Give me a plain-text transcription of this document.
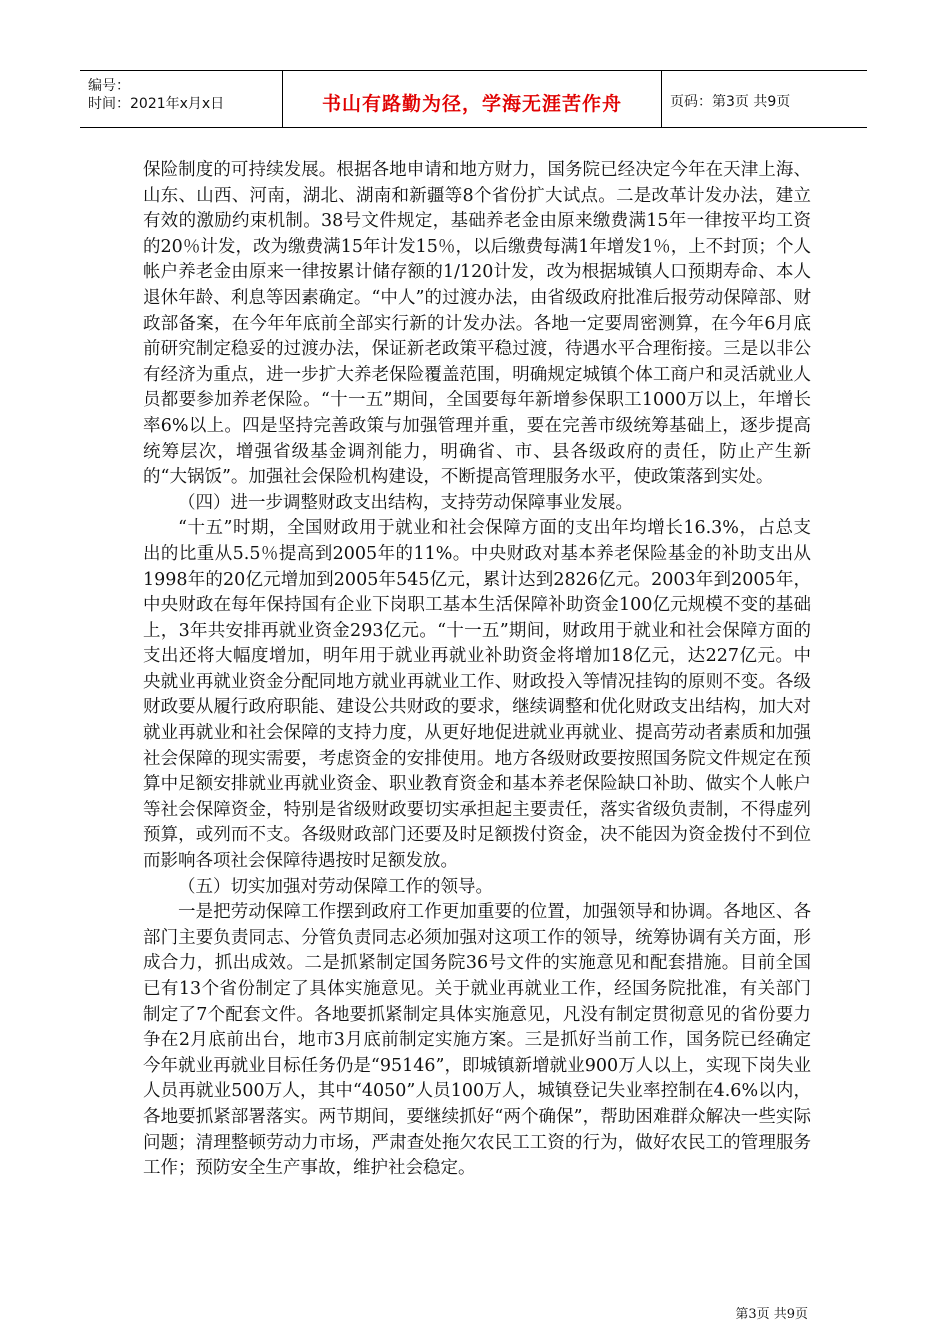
编号：
时间：2021年x月x日	书山有路勤为径，学海无涯苦作舟	页码：第3页 共9页

保险制度的可持续发展。根据各地申请和地方财力，国务院已经决定今年在天津上海、山东、山西、河南，湖北、湖南和新疆等8个省份扩大试点。二是改革计发办法，建立有效的激励约束机制。38号文件规定，基础养老金由原来缴费满15年一律按平均工资的20％计发，改为缴费满15年计发15％，以后缴费每满1年增发1％，上不封顶；个人帐户养老金由原来一律按累计储存额的1/120计发，改为根据城镇人口预期寿命、本人退休年龄、利息等因素确定。“中人”的过渡办法，由省级政府批准后报劳动保障部、财政部备案，在今年年底前全部实行新的计发办法。各地一定要周密测算，在今年6月底前研究制定稳妥的过渡办法，保证新老政策平稳过渡，待遇水平合理衔接。三是以非公有经济为重点，进一步扩大养老保险覆盖范围，明确规定城镇个体工商户和灵活就业人员都要参加养老保险。“十一五”期间，全国要每年新增参保职工1000万以上，年增长率6%以上。四是坚持完善政策与加强管理并重，要在完善市级统筹基础上，逐步提高统筹层次，增强省级基金调剂能力，明确省、市、县各级政府的责任，防止产生新的“大锅饭”。加强社会保险机构建设，不断提高管理服务水平，使政策落到实处。

（四）进一步调整财政支出结构，支持劳动保障事业发展。

“十五”时期，全国财政用于就业和社会保障方面的支出年均增长16.3%，占总支出的比重从5.5％提高到2005年的11%。中央财政对基本养老保险基金的补助支出从1998年的20亿元增加到2005年545亿元，累计达到2826亿元。2003年到2005年，中央财政在每年保持国有企业下岗职工基本生活保障补助资金100亿元规模不变的基础上，3年共安排再就业资金293亿元。“十一五”期间，财政用于就业和社会保障方面的支出还将大幅度增加，明年用于就业再就业补助资金将增加18亿元，达227亿元。中央就业再就业资金分配同地方就业再就业工作、财政投入等情况挂钩的原则不变。各级财政要从履行政府职能、建设公共财政的要求，继续调整和优化财政支出结构，加大对就业再就业和社会保障的支持力度，从更好地促进就业再就业、提高劳动者素质和加强社会保障的现实需要，考虑资金的安排使用。地方各级财政要按照国务院文件规定在预算中足额安排就业再就业资金、职业教育资金和基本养老保险缺口补助、做实个人帐户等社会保障资金，特别是省级财政要切实承担起主要责任，落实省级负责制，不得虚列预算，或列而不支。各级财政部门还要及时足额拨付资金，决不能因为资金拨付不到位而影响各项社会保障待遇按时足额发放。

（五）切实加强对劳动保障工作的领导。

一是把劳动保障工作摆到政府工作更加重要的位置，加强领导和协调。各地区、各部门主要负责同志、分管负责同志必须加强对这项工作的领导，统筹协调有关方面，形成合力，抓出成效。二是抓紧制定国务院36号文件的实施意见和配套措施。目前全国已有13个省份制定了具体实施意见。关于就业再就业工作，经国务院批准，有关部门制定了7个配套文件。各地要抓紧制定具体实施意见，凡没有制定贯彻意见的省份要力争在2月底前出台，地市3月底前制定实施方案。三是抓好当前工作，国务院已经确定今年就业再就业目标任务仍是“95146”，即城镇新增就业900万人以上，实现下岗失业人员再就业500万人，其中“4050”人员100万人，城镇登记失业率控制在4.6%以内，各地要抓紧部署落实。两节期间，要继续抓好“两个确保”，帮助困难群众解决一些实际问题；清理整顿劳动力市场，严肃查处拖欠农民工工资的行为，做好农民工的管理服务工作；预防安全生产事故，维护社会稳定。

第3页 共9页
